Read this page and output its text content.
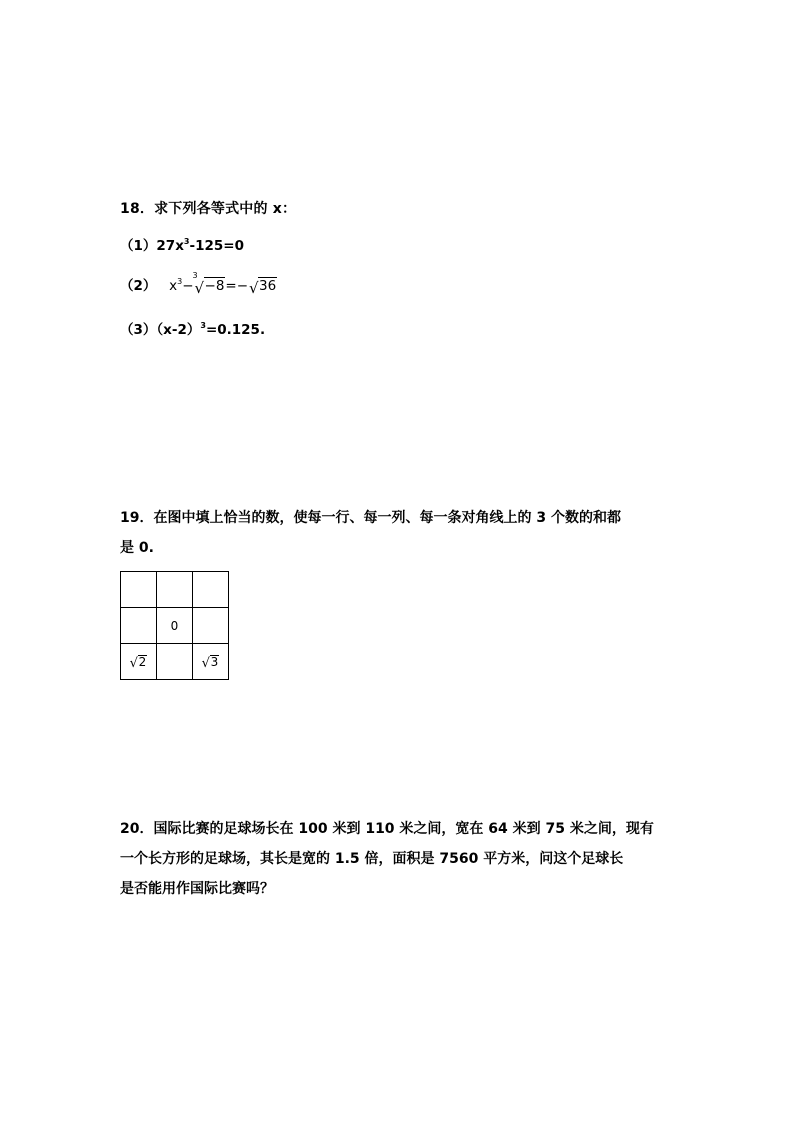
18．求下列各等式中的 x：
$(1)27x^3-125=0$
（2） $x^3-$
3
√ −8=− √ 36
$(3)(x-2)^3=0.125$.
19．在图中填上恰当的数，使每一行、每一列、每一条对角线上的 3 个数的和都
是 0.

	0	

√ 2		√ 3
20．国际比赛的足球场长在 100 米到 110 米之间，宽在 64 米到 75 米之间，现有
一个长方形的足球场，其长是宽的 1.5 倍，面积是 7560 平方米，问这个足球长
是否能用作国际比赛吗？
